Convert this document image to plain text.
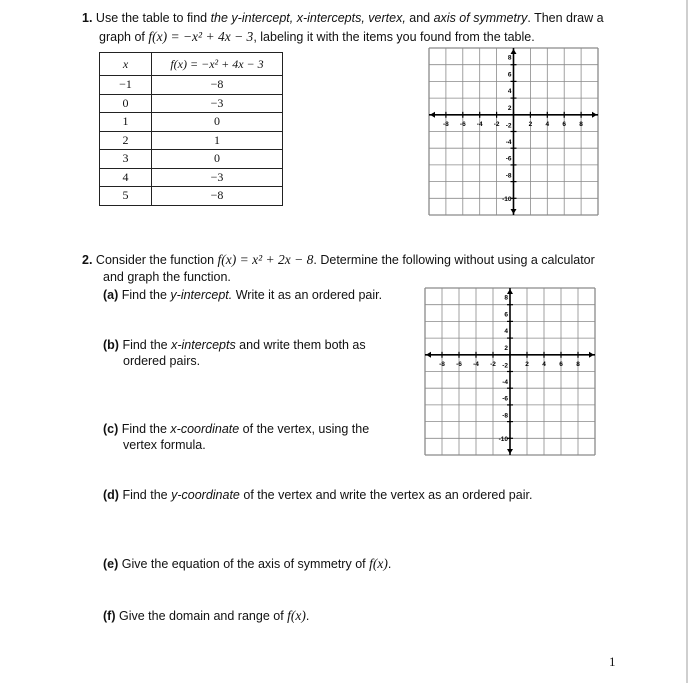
1. Use the table to find the y-intercept, x-intercepts, vertex, and axis of symmetry. Then draw a
graph of f(x) = −x² + 4x − 3, labeling it with the items you found from the table.
x	f(x) = −x² + 4x − 3
−1	−8
0	−3
1	0
2	1
3	0
4	−3
5	−8
-8 -6 -4 -2	2 4 6 8
8
6
4
2
-2
-4
-6
-8
-10
2. Consider the function f(x) = x² + 2x − 8. Determine the following without using a calculator
and graph the function.
(a) Find the y-intercept. Write it as an ordered pair.
(b) Find the x-intercepts and write them both as
ordered pairs.
(c) Find the x-coordinate of the vertex, using the
vertex formula.
-8 -6 -4 -2	2 4 6 8
8
6
4
2
-2
-4
-6
-8
-10
(d) Find the y-coordinate of the vertex and write the vertex as an ordered pair.
(e) Give the equation of the axis of symmetry of f(x).
(f) Give the domain and range of f(x).
1
